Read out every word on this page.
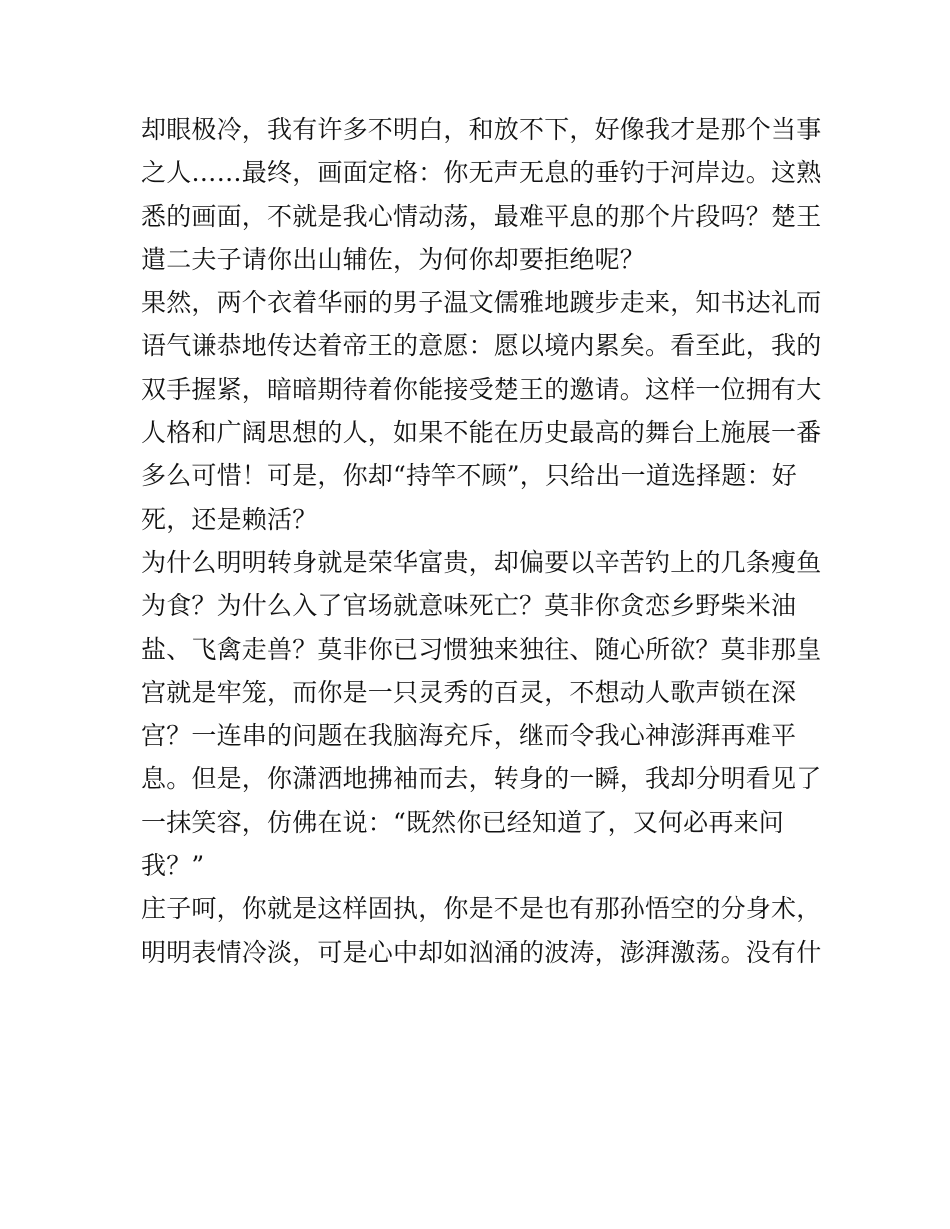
却眼极冷，我有许多不明白，和放不下，好像我才是那个当事
之人……最终，画面定格：你无声无息的垂钓于河岸边。这熟
悉的画面，不就是我心情动荡，最难平息的那个片段吗？楚王
遣二夫子请你出山辅佐，为何你却要拒绝呢？
果然，两个衣着华丽的男子温文儒雅地踱步走来，知书达礼而
语气谦恭地传达着帝王的意愿：愿以境内累矣。看至此，我的
双手握紧，暗暗期待着你能接受楚王的邀请。这样一位拥有大
人格和广阔思想的人，如果不能在历史最高的舞台上施展一番
多么可惜！可是，你却“持竿不顾”，只给出一道选择题：好
死，还是赖活？
为什么明明转身就是荣华富贵，却偏要以辛苦钓上的几条瘦鱼
为食？为什么入了官场就意味死亡？莫非你贪恋乡野柴米油
盐、飞禽走兽？莫非你已习惯独来独往、随心所欲？莫非那皇
宫就是牢笼，而你是一只灵秀的百灵，不想动人歌声锁在深
宫？一连串的问题在我脑海充斥，继而令我心神澎湃再难平
息。但是，你潇洒地拂袖而去，转身的一瞬，我却分明看见了
一抹笑容，仿佛在说：“既然你已经知道了，又何必再来问
我？”
庄子呵，你就是这样固执，你是不是也有那孙悟空的分身术，
明明表情冷淡，可是心中却如汹涌的波涛，澎湃激荡。没有什
